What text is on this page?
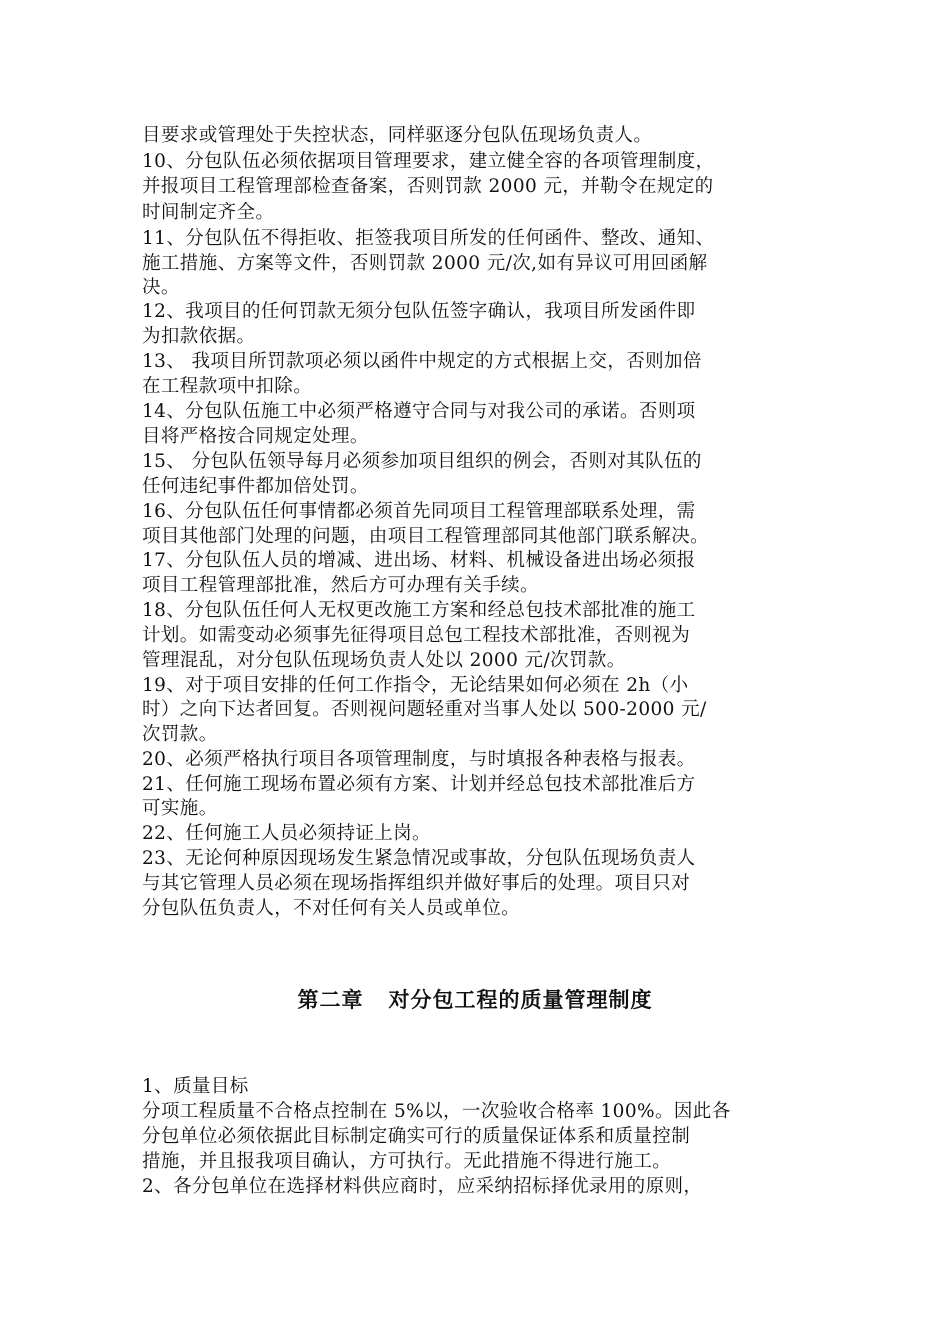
目要求或管理处于失控状态，同样驱逐分包队伍现场负责人。
10、分包队伍必须依据项目管理要求，建立健全容的各项管理制度，
并报项目工程管理部检查备案，否则罚款 2000 元，并勒令在规定的
时间制定齐全。
11、分包队伍不得拒收、拒签我项目所发的任何函件、整改、通知、
施工措施、方案等文件，否则罚款 2000 元/次,如有异议可用回函解
决。
12、我项目的任何罚款无须分包队伍签字确认，我项目所发函件即
为扣款依据。
13、 我项目所罚款项必须以函件中规定的方式根据上交，否则加倍
在工程款项中扣除。
14、分包队伍施工中必须严格遵守合同与对我公司的承诺。否则项
目将严格按合同规定处理。
15、 分包队伍领导每月必须参加项目组织的例会，否则对其队伍的
任何违纪事件都加倍处罚。
16、分包队伍任何事情都必须首先同项目工程管理部联系处理，需
项目其他部门处理的问题，由项目工程管理部同其他部门联系解决。
17、分包队伍人员的增减、进出场、材料、机械设备进出场必须报
项目工程管理部批准，然后方可办理有关手续。
18、分包队伍任何人无权更改施工方案和经总包技术部批准的施工
计划。如需变动必须事先征得项目总包工程技术部批准，否则视为
管理混乱，对分包队伍现场负责人处以 2000 元/次罚款。
19、对于项目安排的任何工作指令，无论结果如何必须在 2h（小
时）之向下达者回复。否则视问题轻重对当事人处以 500-2000 元/
次罚款。
20、必须严格执行项目各项管理制度，与时填报各种表格与报表。
21、任何施工现场布置必须有方案、计划并经总包技术部批准后方
可实施。
22、任何施工人员必须持证上岗。
23、无论何种原因现场发生紧急情况或事故，分包队伍现场负责人
与其它管理人员必须在现场指挥组织并做好事后的处理。项目只对
分包队伍负责人，不对任何有关人员或单位。
第二章   对分包工程的质量管理制度
1、质量目标
分项工程质量不合格点控制在 5%以，一次验收合格率 100%。因此各
分包单位必须依据此目标制定确实可行的质量保证体系和质量控制
措施，并且报我项目确认，方可执行。无此措施不得进行施工。
2、各分包单位在选择材料供应商时，应采纳招标择优录用的原则，
